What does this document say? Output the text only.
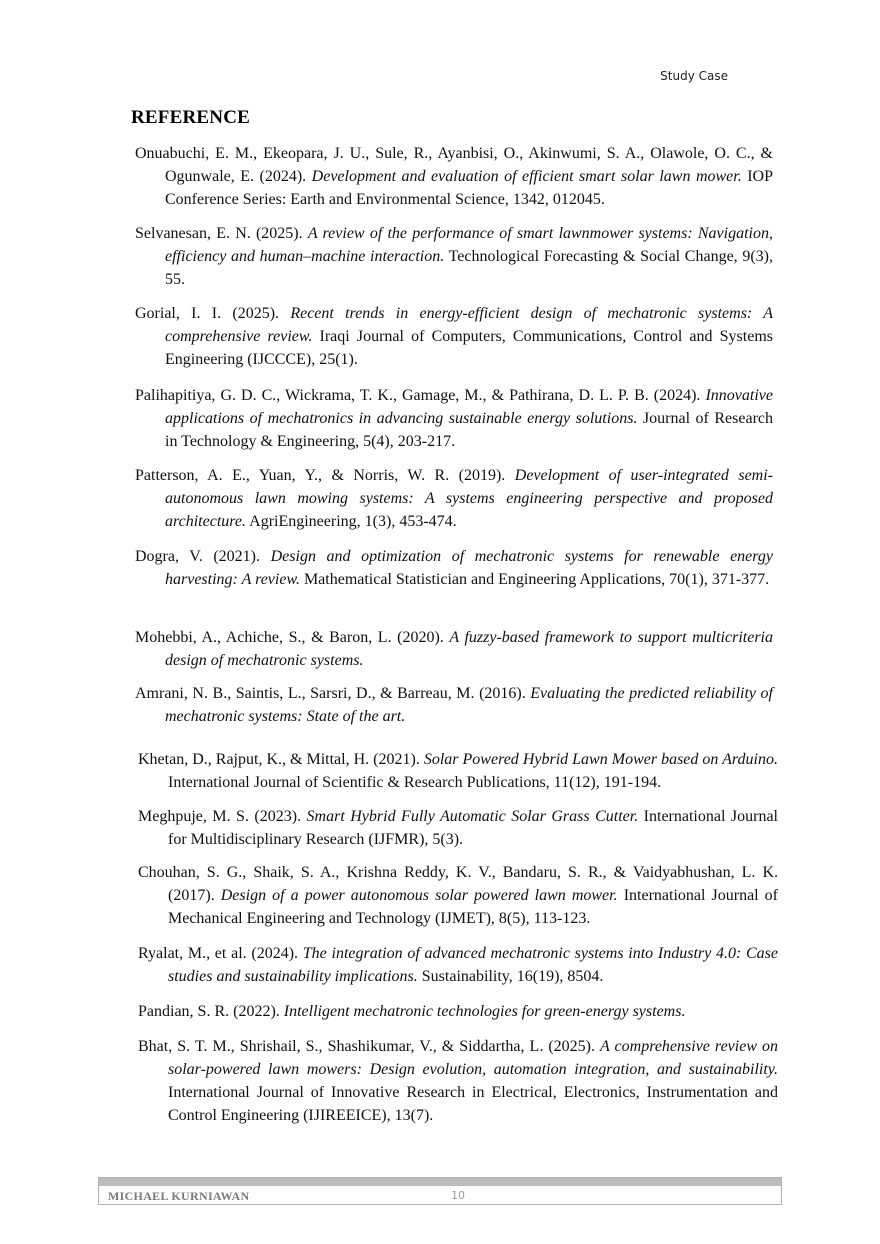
Study Case
REFERENCE
Onuabuchi, E. M., Ekeopara, J. U., Sule, R., Ayanbisi, O., Akinwumi, S. A., Olawole, O. C., & Ogunwale, E. (2024). Development and evaluation of efficient smart solar lawn mower. IOP Conference Series: Earth and Environmental Science, 1342, 012045.
Selvanesan, E. N. (2025). A review of the performance of smart lawnmower systems: Navigation, efficiency and human–machine interaction. Technological Forecasting & Social Change, 9(3), 55.
Gorial, I. I. (2025). Recent trends in energy-efficient design of mechatronic systems: A comprehensive review. Iraqi Journal of Computers, Communications, Control and Systems Engineering (IJCCCE), 25(1).
Palihapitiya, G. D. C., Wickrama, T. K., Gamage, M., & Pathirana, D. L. P. B. (2024). Innovative applications of mechatronics in advancing sustainable energy solutions. Journal of Research in Technology & Engineering, 5(4), 203-217.
Patterson, A. E., Yuan, Y., & Norris, W. R. (2019). Development of user-integrated semi-autonomous lawn mowing systems: A systems engineering perspective and proposed architecture. AgriEngineering, 1(3), 453-474.
Dogra, V. (2021). Design and optimization of mechatronic systems for renewable energy harvesting: A review. Mathematical Statistician and Engineering Applications, 70(1), 371-377.
Mohebbi, A., Achiche, S., & Baron, L. (2020). A fuzzy-based framework to support multicriteria design of mechatronic systems.
Amrani, N. B., Saintis, L., Sarsri, D., & Barreau, M. (2016). Evaluating the predicted reliability of mechatronic systems: State of the art.
Khetan, D., Rajput, K., & Mittal, H. (2021). Solar Powered Hybrid Lawn Mower based on Arduino. International Journal of Scientific & Research Publications, 11(12), 191-194.
Meghpuje, M. S. (2023). Smart Hybrid Fully Automatic Solar Grass Cutter. International Journal for Multidisciplinary Research (IJFMR), 5(3).
Chouhan, S. G., Shaik, S. A., Krishna Reddy, K. V., Bandaru, S. R., & Vaidyabhushan, L. K. (2017). Design of a power autonomous solar powered lawn mower. International Journal of Mechanical Engineering and Technology (IJMET), 8(5), 113-123.
Ryalat, M., et al. (2024). The integration of advanced mechatronic systems into Industry 4.0: Case studies and sustainability implications. Sustainability, 16(19), 8504.
Pandian, S. R. (2022). Intelligent mechatronic technologies for green-energy systems.
Bhat, S. T. M., Shrishail, S., Shashikumar, V., & Siddartha, L. (2025). A comprehensive review on solar-powered lawn mowers: Design evolution, automation integration, and sustainability. International Journal of Innovative Research in Electrical, Electronics, Instrumentation and Control Engineering (IJIREEICE), 13(7).
MICHAEL KURNIAWAN	10
